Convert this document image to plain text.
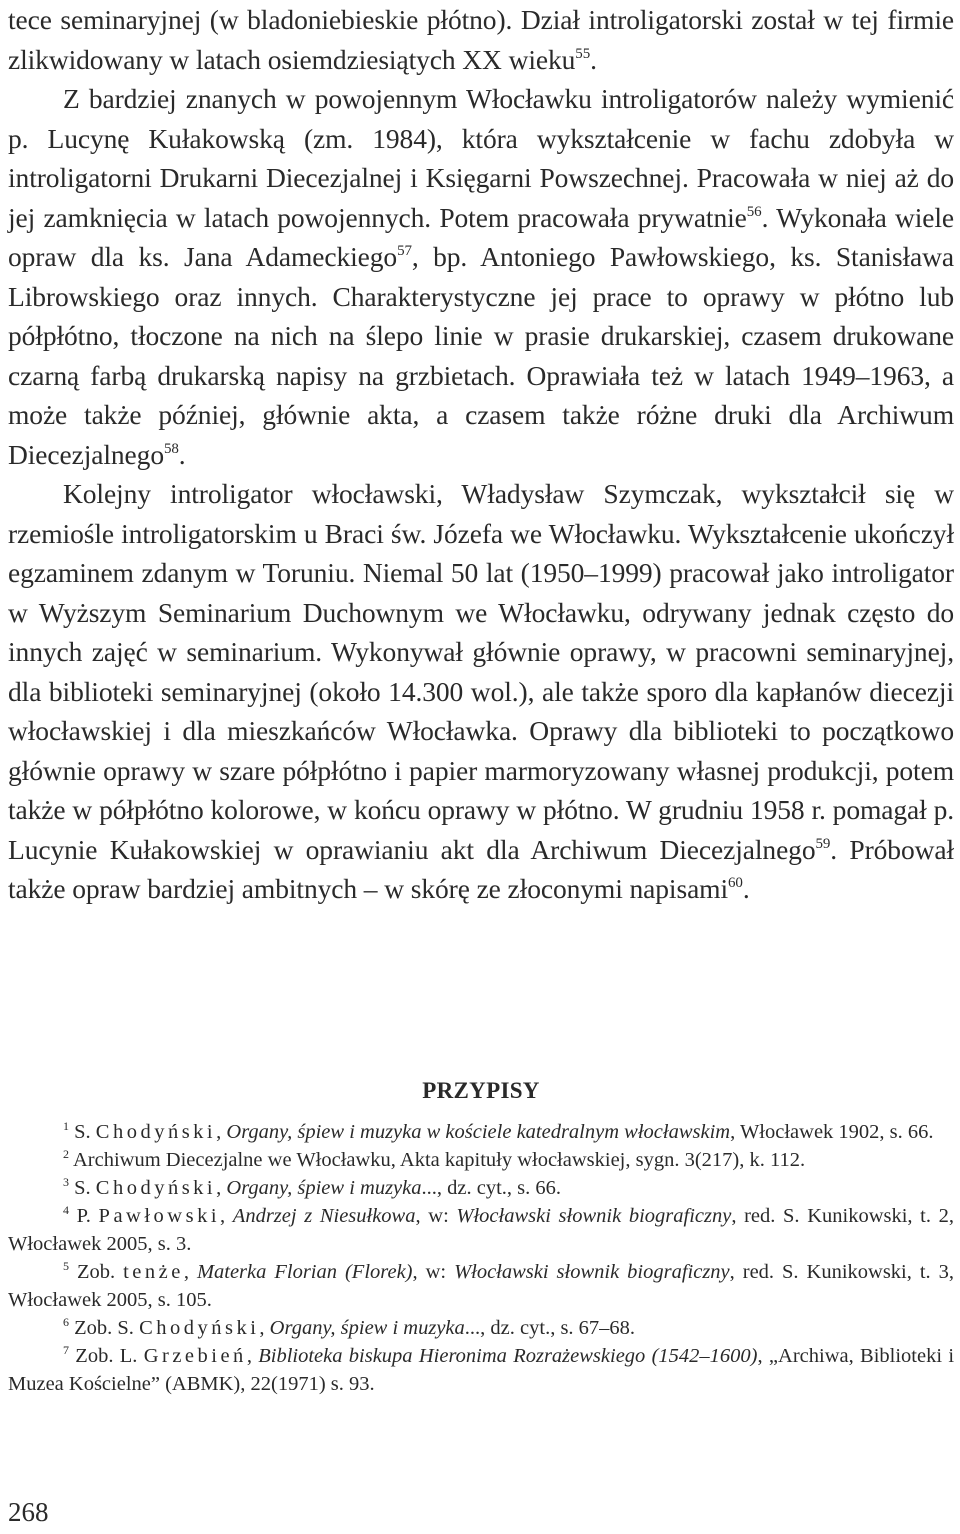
tece seminaryjnej (w bladoniebieskie płótno). Dział introligatorski został w tej firmie zlikwidowany w latach osiemdziesiątych XX wieku$^{55}$.

Z bardziej znanych w powojennym Włocławku introligatorów należy wymienić p. Lucynę Kułakowską (zm. 1984), która wykształcenie w fachu zdobyła w introligatorni Drukarni Diecezjalnej i Księgarni Powszechnej. Pracowała w niej aż do jej zamknięcia w latach powojennych. Potem pracowała prywatnie$^{56}$. Wykonała wiele opraw dla ks. Jana Adameckiego$^{57}$, bp. Antoniego Pawłowskiego, ks. Stanisława Librowskiego oraz innych. Charakterystyczne jej prace to oprawy w płótno lub półpłótno, tłoczone na nich na ślepo linie w prasie drukarskiej, czasem drukowane czarną farbą drukarską napisy na grzbietach. Oprawiała też w latach 1949–1963, a może także później, głównie akta, a czasem także różne druki dla Archiwum Diecezjalnego$^{58}$.

Kolejny introligator włocławski, Władysław Szymczak, wykształcił się w rzemiośle introligatorskim u Braci św. Józefa we Włocławku. Wykształcenie ukończył egzaminem zdanym w Toruniu. Niemal 50 lat (1950–1999) pracował jako introligator w Wyższym Seminarium Duchownym we Włocławku, odrywany jednak często do innych zajęć w seminarium. Wykonywał głównie oprawy, w pracowni seminaryjnej, dla biblioteki seminaryjnej (około 14.300 wol.), ale także sporo dla kapłanów diecezji włocławskiej i dla mieszkańców Włocławka. Oprawy dla biblioteki to początkowo głównie oprawy w szare półpłótno i papier marmoryzowany własnej produkcji, potem także w półpłótno kolorowe, w końcu oprawy w płótno. W grudniu 1958 r. pomagał p. Lucynie Kułakowskiej w oprawianiu akt dla Archiwum Diecezjalnego$^{59}$. Próbował także opraw bardziej ambitnych – w skórę ze złoconymi napisami$^{60}$.

PRZYPISY

$^1$ S. Chodyński, Organy, śpiew i muzyka w kościele katedralnym włocławskim, Włocławek 1902, s. 66.

$^2$ Archiwum Diecezjalne we Włocławku, Akta kapituły włocławskiej, sygn. 3(217), k. 112.

$^3$ S. Chodyński, Organy, śpiew i muzyka..., dz. cyt., s. 66.

$^4$ P. Pawłowski, Andrzej z Niesułkowa, w: Włocławski słownik biograficzny, red. S. Kunikowski, t. 2, Włocławek 2005, s. 3.

$^5$ Zob. tenże, Materka Florian (Florek), w: Włocławski słownik biograficzny, red. S. Kunikowski, t. 3, Włocławek 2005, s. 105.

$^6$ Zob. S. Chodyński, Organy, śpiew i muzyka..., dz. cyt., s. 67–68.

$^7$ Zob. L. Grzebień, Biblioteka biskupa Hieronima Rozrażewskiego (1542–1600), „Archiwa, Biblioteki i Muzea Kościelne” (ABMK), 22(1971) s. 93.

268
